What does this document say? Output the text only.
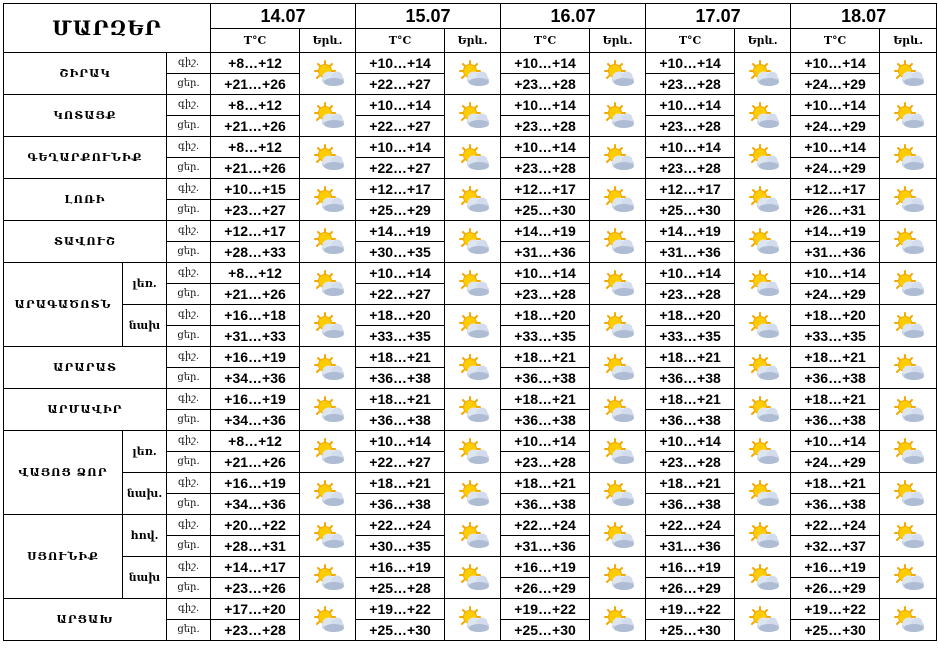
ՄԱՐԶԵՐ			14.07		15.07		16.07		17.07		18.07	
			T°C	Երև.	T°C	Երև.	T°C	Երև.	T°C	Երև.	T°C	Երև.
ՇԻՐԱԿ		գիշ.	+8…+12		+10…+14		+10…+14		+10…+14		+10…+14	

		ցեր.	+21…+26		+22…+27		+23…+28		+23…+28		+24…+29	
ԿՈՏԱՅՔ		գիշ.	+8…+12		+10…+14		+10…+14		+10…+14		+10…+14	

		ցեր.	+21…+26		+22…+27		+23…+28		+23…+28		+24…+29	
ԳԵՂԱՐՔՈՒՆԻՔ		գիշ.	+8…+12		+10…+14		+10…+14		+10…+14		+10…+14	

		ցեր.	+21…+26		+22…+27		+23…+28		+23…+28		+24…+29	
ԼՈՌԻ		գիշ.	+10…+15		+12…+17		+12…+17		+12…+17		+12…+17	

		ցեր.	+23…+27		+25…+29		+25…+30		+25…+30		+26…+31	
ՏԱՎՈՒՇ		գիշ.	+12…+17		+14…+19		+14…+19		+14…+19		+14…+19	

		ցեր.	+28…+33		+30…+35		+31…+36		+31…+36		+31…+36	
ԱՐԱԳԱԾՈՏՆ	լեռ.	գիշ.	+8…+12		+10…+14		+10…+14		+10…+14		+10…+14	

		ցեր.	+21…+26		+22…+27		+23…+28		+23…+28		+24…+29	
	նախ	գիշ.	+16…+18		+18…+20		+18…+20		+18…+20		+18…+20	

		ցեր.	+31…+33		+33…+35		+33…+35		+33…+35		+33…+35	
ԱՐԱՐԱՏ		գիշ.	+16…+19		+18…+21		+18…+21		+18…+21		+18…+21	

		ցեր.	+34…+36		+36…+38		+36…+38		+36…+38		+36…+38	
ԱՐՄԱՎԻՐ		գիշ.	+16…+19		+18…+21		+18…+21		+18…+21		+18…+21	

		ցեր.	+34…+36		+36…+38		+36…+38		+36…+38		+36…+38	
ՎԱՅՈՑ ՁՈՐ	լեռ.	գիշ.	+8…+12		+10…+14		+10…+14		+10…+14		+10…+14	

		ցեր.	+21…+26		+22…+27		+23…+28		+23…+28		+24…+29	
	նախ.	գիշ.	+16…+19		+18…+21		+18…+21		+18…+21		+18…+21	

		ցեր.	+34…+36		+36…+38		+36…+38		+36…+38		+36…+38	
ՍՅՈՒՆԻՔ	հով.	գիշ.	+20…+22		+22…+24		+22…+24		+22…+24		+22…+24	

		ցեր.	+28…+31		+30…+35		+31…+36		+31…+36		+32…+37	
	նախ	գիշ.	+14…+17		+16…+19		+16…+19		+16…+19		+16…+19	

		ցեր.	+23…+26		+25…+28		+26…+29		+26…+29		+26…+29	
ԱՐՑԱԽ		գիշ.	+17…+20		+19…+22		+19…+22		+19…+22		+19…+22	

		ցեր.	+23…+28		+25…+30		+25…+30		+25…+30		+25…+30	
